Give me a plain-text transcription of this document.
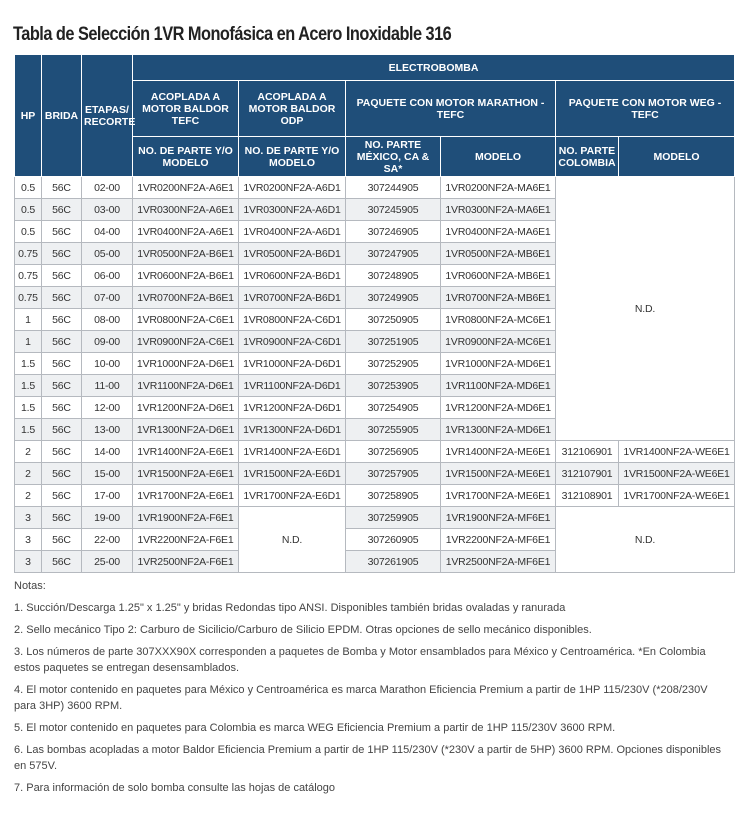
Tabla de Selección 1VR Monofásica en Acero Inoxidable 316
HP	BRIDA	ETAPAS/ RECORTE	ELECTROBOMBA					
			ACOPLADA A MOTOR BALDOR TEFC	ACOPLADA A MOTOR BALDOR ODP	PAQUETE CON MOTOR MARATHON - TEFC		PAQUETE CON MOTOR WEG - TEFC	
			NO. DE PARTE Y/O MODELO	NO. DE PARTE Y/O MODELO	NO. PARTE MÉXICO, CA & SA*	MODELO	NO. PARTE COLOMBIA	MODELO
0.5	56C	02-00	1VR0200NF2A-A6E1	1VR0200NF2A-A6D1	307244905	1VR0200NF2A-MA6E1	N.D.	
0.5	56C	03-00	1VR0300NF2A-A6E1	1VR0300NF2A-A6D1	307245905	1VR0300NF2A-MA6E1		
0.5	56C	04-00	1VR0400NF2A-A6E1	1VR0400NF2A-A6D1	307246905	1VR0400NF2A-MA6E1		
0.75	56C	05-00	1VR0500NF2A-B6E1	1VR0500NF2A-B6D1	307247905	1VR0500NF2A-MB6E1		
0.75	56C	06-00	1VR0600NF2A-B6E1	1VR0600NF2A-B6D1	307248905	1VR0600NF2A-MB6E1		
0.75	56C	07-00	1VR0700NF2A-B6E1	1VR0700NF2A-B6D1	307249905	1VR0700NF2A-MB6E1		
1	56C	08-00	1VR0800NF2A-C6E1	1VR0800NF2A-C6D1	307250905	1VR0800NF2A-MC6E1		
1	56C	09-00	1VR0900NF2A-C6E1	1VR0900NF2A-C6D1	307251905	1VR0900NF2A-MC6E1		
1.5	56C	10-00	1VR1000NF2A-D6E1	1VR1000NF2A-D6D1	307252905	1VR1000NF2A-MD6E1		
1.5	56C	11-00	1VR1100NF2A-D6E1	1VR1100NF2A-D6D1	307253905	1VR1100NF2A-MD6E1		
1.5	56C	12-00	1VR1200NF2A-D6E1	1VR1200NF2A-D6D1	307254905	1VR1200NF2A-MD6E1		
1.5	56C	13-00	1VR1300NF2A-D6E1	1VR1300NF2A-D6D1	307255905	1VR1300NF2A-MD6E1		
2	56C	14-00	1VR1400NF2A-E6E1	1VR1400NF2A-E6D1	307256905	1VR1400NF2A-ME6E1	312106901	1VR1400NF2A-WE6E1
2	56C	15-00	1VR1500NF2A-E6E1	1VR1500NF2A-E6D1	307257905	1VR1500NF2A-ME6E1	312107901	1VR1500NF2A-WE6E1
2	56C	17-00	1VR1700NF2A-E6E1	1VR1700NF2A-E6D1	307258905	1VR1700NF2A-ME6E1	312108901	1VR1700NF2A-WE6E1
3	56C	19-00	1VR1900NF2A-F6E1	N.D.	307259905	1VR1900NF2A-MF6E1	N.D.	
3	56C	22-00	1VR2200NF2A-F6E1		307260905	1VR2200NF2A-MF6E1		
3	56C	25-00	1VR2500NF2A-F6E1		307261905	1VR2500NF2A-MF6E1		

Notas:

1. Succión/Descarga 1.25" x 1.25" y bridas Redondas tipo ANSI. Disponibles también bridas ovaladas y ranurada

2. Sello mecánico Tipo 2: Carburo de Sicilicio/Carburo de Silicio EPDM. Otras opciones de sello mecánico disponibles.

3. Los números de parte 307XXX90X corresponden a paquetes de Bomba y Motor ensamblados para México y Centroamérica. *En Colombia estos paquetes se entregan desensamblados.

4. El motor contenido en paquetes para México y Centroamérica es marca Marathon Eficiencia Premium a partir de 1HP 115/230V (*208/230V para 3HP) 3600 RPM.

5. El motor contenido en paquetes para Colombia es marca WEG Eficiencia Premium a partir de 1HP 115/230V 3600 RPM.

6. Las bombas acopladas a motor Baldor Eficiencia Premium a partir de 1HP 115/230V (*230V a partir de 5HP) 3600 RPM. Opciones disponibles en 575V.

7. Para información de solo bomba consulte las hojas de catálogo
